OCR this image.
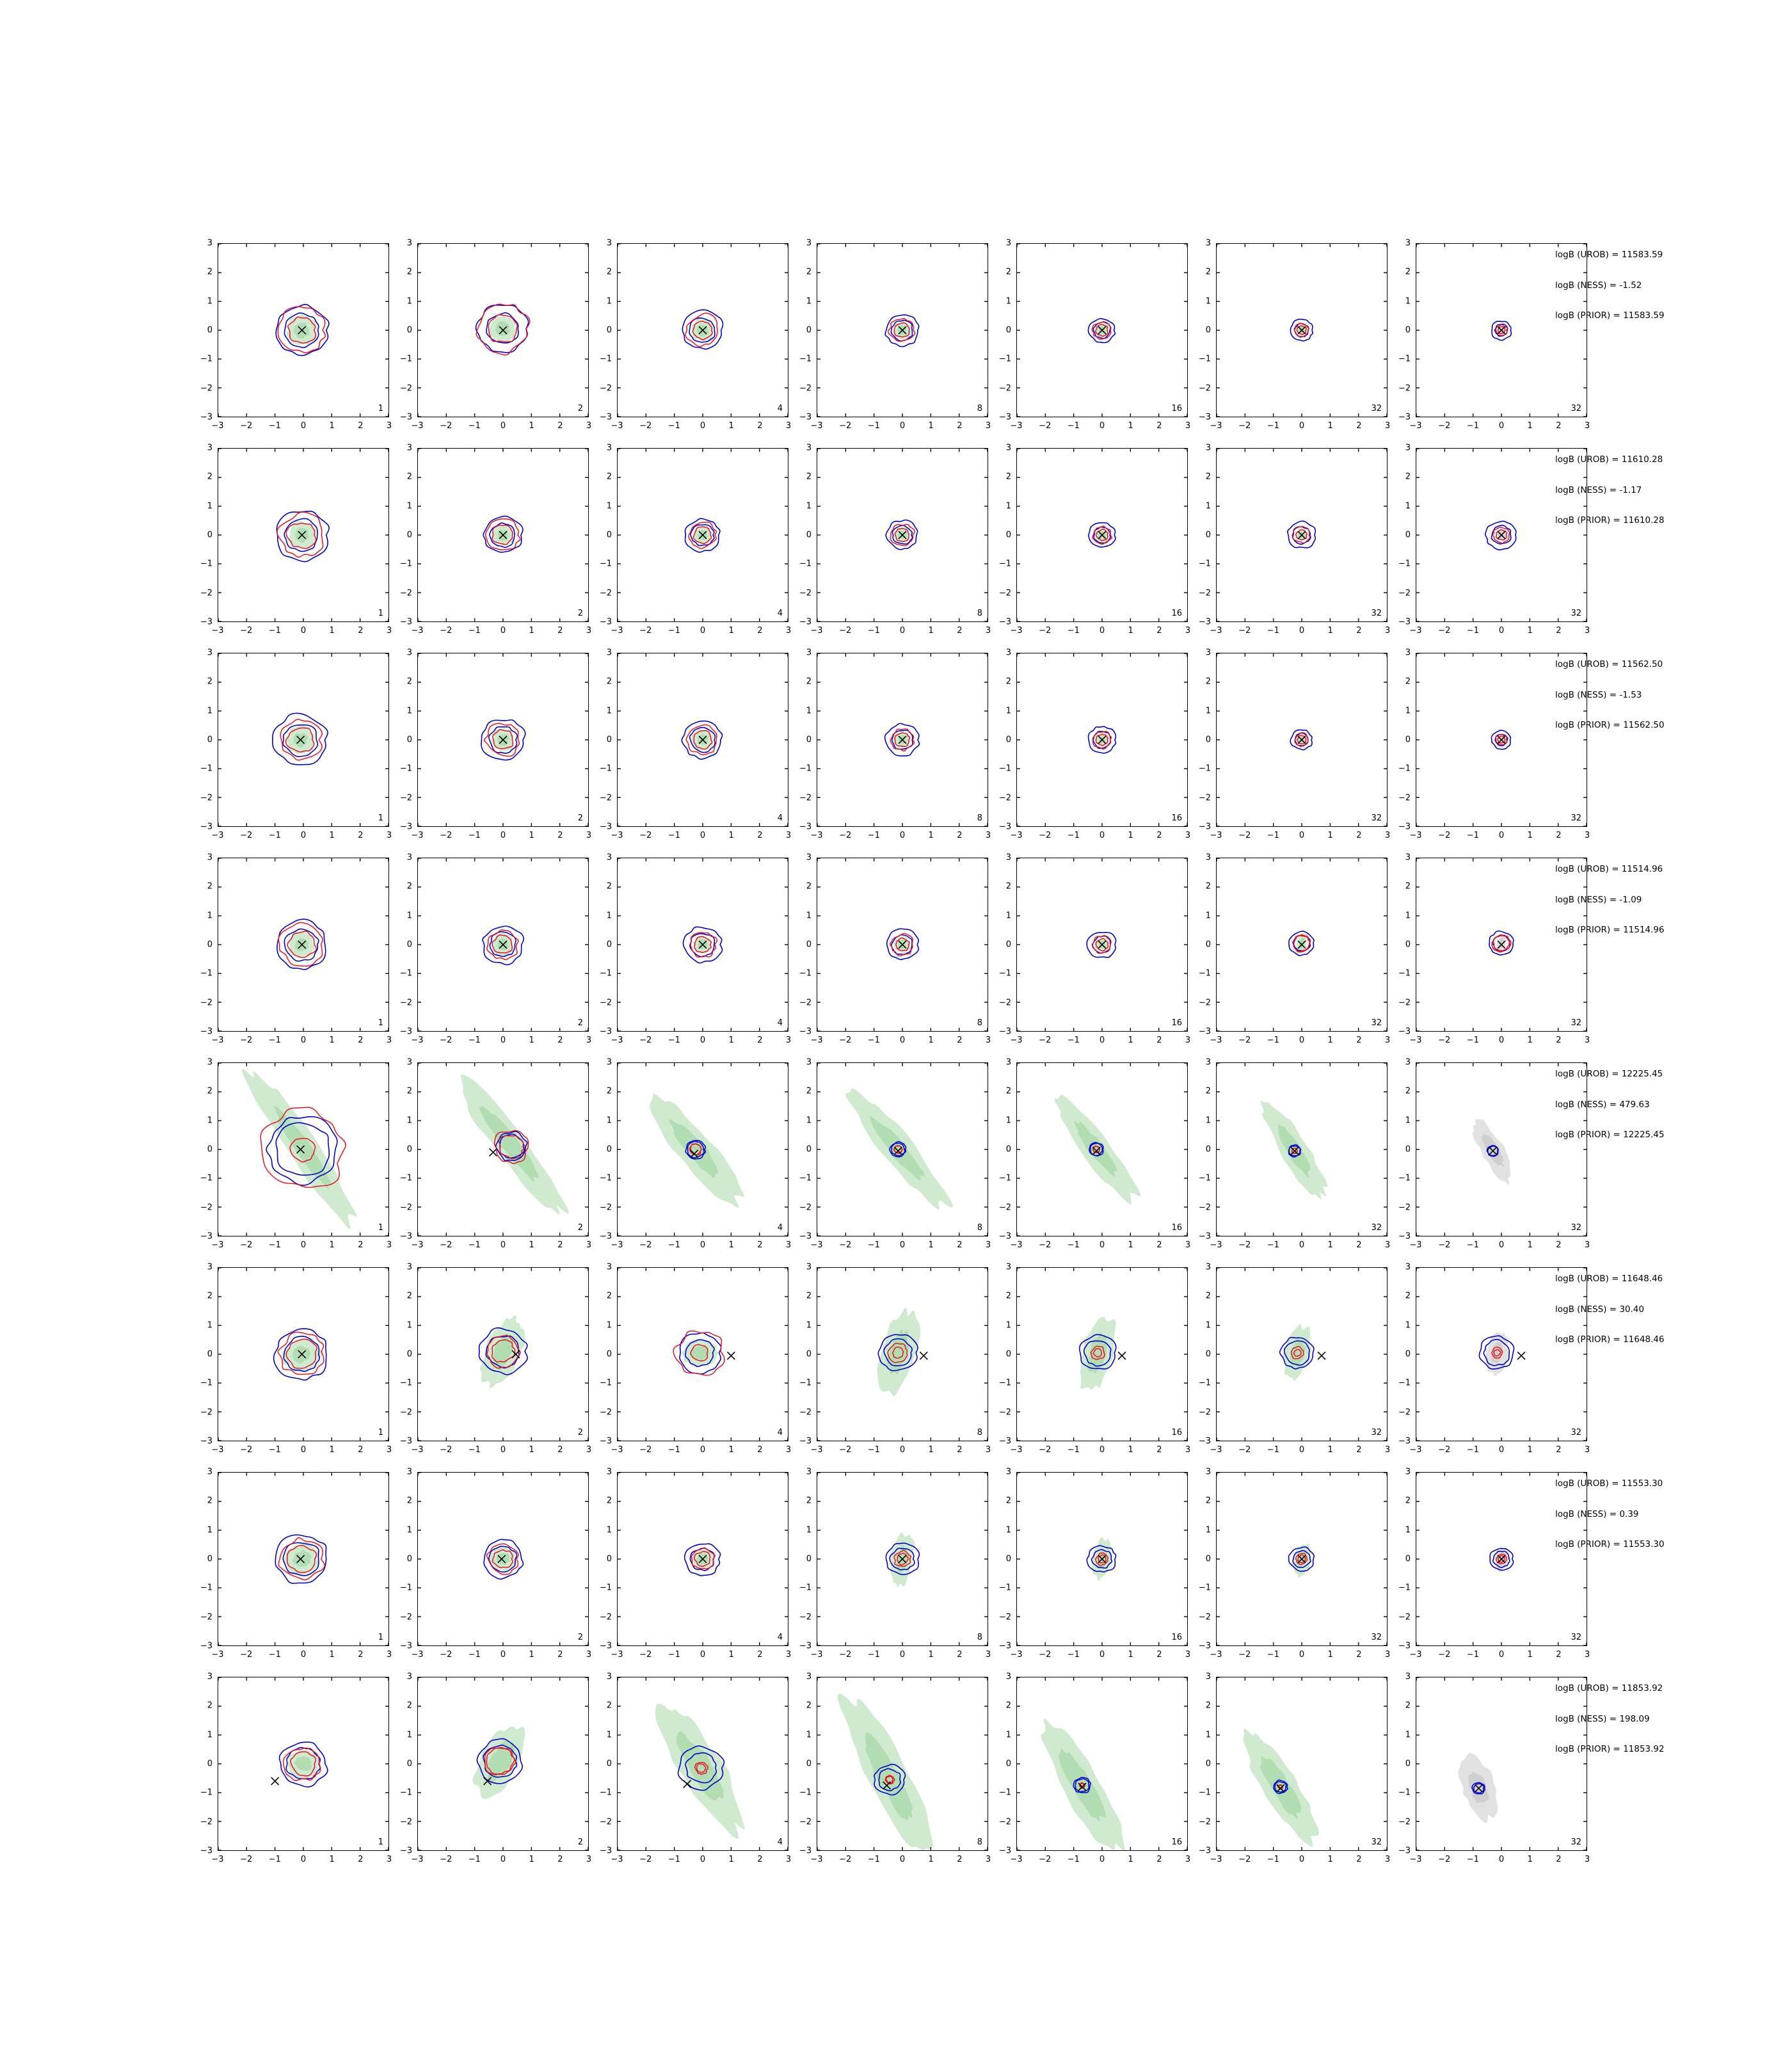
1
−3 −2 −1 0	1	2	3
3
2
1
0
−1
−2
−3
2
−3 −2 −1 0	1	2	3
3
2
1
0
−1
−2
−3
4
−3 −2 −1 0	1	2	3
3
2
1
0
−1
−2
−3
8
−3 −2 −1 0	1	2	3
3
2
1
0
−1
−2
−3
16
−3 −2 −1 0	1	2	3
3
2
1
0
−1
−2
−3
32
−3 −2 −1 0	1	2	3
3
2
1
0
−1
−2
−3
32
−3 −2 −1 0	1	2	3
3
2
1
0
−1
−2
−3
1
−3 −2 −1 0	1	2	3
3
2
1
0
−1
−2
−3
2
−3 −2 −1 0	1	2	3
3
2
1
0
−1
−2
−3
4
−3 −2 −1 0	1	2	3
3
2
1
0
−1
−2
−3
8
−3 −2 −1 0	1	2	3
3
2
1
0
−1
−2
−3
16
−3 −2 −1 0	1	2	3
3
2
1
0
−1
−2
−3
32
−3 −2 −1 0	1	2	3
3
2
1
0
−1
−2
−3
32
−3 −2 −1 0	1	2	3
3
2
1
0
−1
−2
−3
1
−3 −2 −1 0	1	2	3
3
2
1
0
−1
−2
−3
2
−3 −2 −1 0	1	2	3
3
2
1
0
−1
−2
−3
4
−3 −2 −1 0	1	2	3
3
2
1
0
−1
−2
−3
8
−3 −2 −1 0	1	2	3
3
2
1
0
−1
−2
−3
16
−3 −2 −1 0	1	2	3
3
2
1
0
−1
−2
−3
32
−3 −2 −1 0	1	2	3
3
2
1
0
−1
−2
−3
32
−3 −2 −1 0	1	2	3
3
2
1
0
−1
−2
−3
1
−3 −2 −1 0	1	2	3
3
2
1
0
−1
−2
−3
2
−3 −2 −1 0	1	2	3
3
2
1
0
−1
−2
−3
4
−3 −2 −1 0	1	2	3
3
2
1
0
−1
−2
−3
8
−3 −2 −1 0	1	2	3
3
2
1
0
−1
−2
−3
16
−3 −2 −1 0	1	2	3
3
2
1
0
−1
−2
−3
32
−3 −2 −1 0	1	2	3
3
2
1
0
−1
−2
−3
32
−3 −2 −1 0	1	2	3
3
2
1
0
−1
−2
−3
1
−3 −2 −1 0	1	2	3
3
2
1
0
−1
−2
−3
2
−3 −2 −1 0	1	2	3
3
2
1
0
−1
−2
−3
4
−3 −2 −1 0	1	2	3
3
2
1
0
−1
−2
−3
8
−3 −2 −1 0	1	2	3
3
2
1
0
−1
−2
−3
16
−3 −2 −1 0	1	2	3
3
2
1
0
−1
−2
−3
32
−3 −2 −1 0	1	2	3
3
2
1
0
−1
−2
−3
32
−3 −2 −1 0	1	2	3
3
2
1
0
−1
−2
−3
1
−3 −2 −1 0	1	2	3
3
2
1
0
−1
−2
−3
2
−3 −2 −1 0	1	2	3
3
2
1
0
−1
−2
−3
4
−3 −2 −1 0	1	2	3
3
2
1
0
−1
−2
−3
8
−3 −2 −1 0	1	2	3
3
2
1
0
−1
−2
−3
16
−3 −2 −1 0	1	2	3
3
2
1
0
−1
−2
−3
32
−3 −2 −1 0	1	2	3
3
2
1
0
−1
−2
−3
32
−3 −2 −1 0	1	2	3
3
2
1
0
−1
−2
−3
1
−3 −2 −1 0	1	2	3
3
2
1
0
−1
−2
−3
2
−3 −2 −1 0	1	2	3
3
2
1
0
−1
−2
−3
4
−3 −2 −1 0	1	2	3
3
2
1
0
−1
−2
−3
8
−3 −2 −1 0	1	2	3
3
2
1
0
−1
−2
−3
16
−3 −2 −1 0	1	2	3
3
2
1
0
−1
−2
−3
32
−3 −2 −1 0	1	2	3
3
2
1
0
−1
−2
−3
32
−3 −2 −1 0	1	2	3
3
2
1
0
−1
−2
−3
1
−3 −2 −1 0	1	2	3
3
2
1
0
−1
−2
−3
2
−3 −2 −1 0	1	2	3
3
2
1
0
−1
−2
−3
4
−3 −2 −1 0	1	2	3
3
2
1
0
−1
−2
−3
8
−3 −2 −1 0	1	2	3
3
2
1
0
−1
−2
−3
16
−3 −2 −1 0	1	2	3
3
2
1
0
−1
−2
−3
32
−3 −2 −1 0	1	2	3
3
2
1
0
−1
−2
−3
32
−3 −2 −1 0	1	2	3
3
2
1
0
−1
−2
−3
logB (UROB) = 11583.59
logB (NESS) = -1.52
logB (PRIOR) = 11583.59
logB (UROB) = 11610.28
logB (NESS) = -1.17
logB (PRIOR) = 11610.28
logB (UROB) = 11562.50
logB (NESS) = -1.53
logB (PRIOR) = 11562.50
logB (UROB) = 11514.96
logB (NESS) = -1.09
logB (PRIOR) = 11514.96
logB (UROB) = 12225.45
logB (NESS) = 479.63
logB (PRIOR) = 12225.45
logB (UROB) = 11648.46
logB (NESS) = 30.40
logB (PRIOR) = 11648.46
logB (UROB) = 11553.30
logB (NESS) = 0.39
logB (PRIOR) = 11553.30
logB (UROB) = 11853.92
logB (NESS) = 198.09
logB (PRIOR) = 11853.92
